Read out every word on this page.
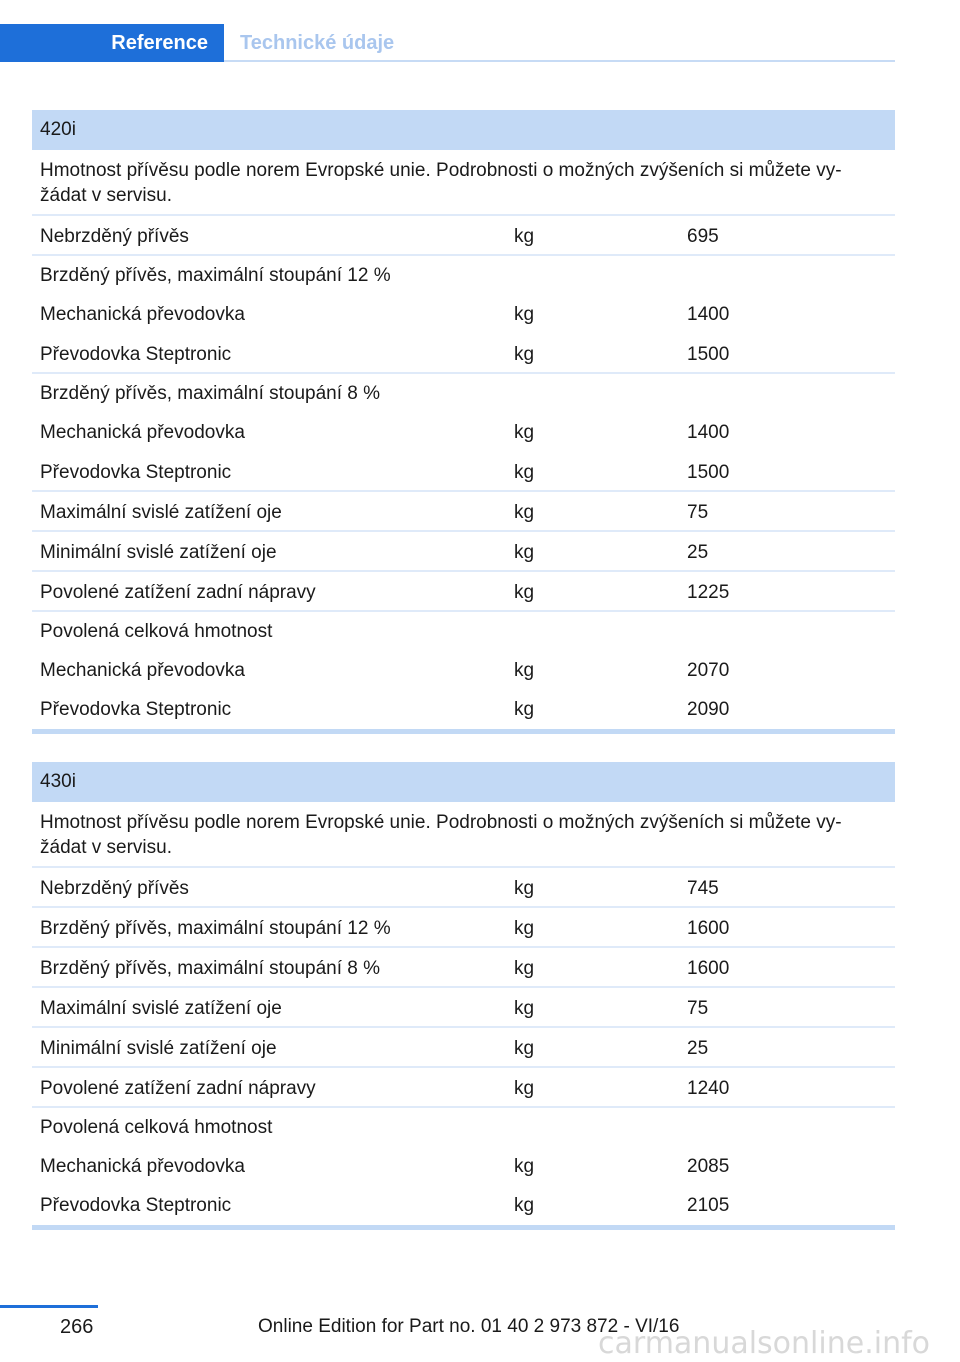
Reference	Technické údaje
420i
Hmotnost přívěsu podle norem Evropské unie. Podrobnosti o možných zvýšeních si můžete vy-žádat v servisu.
Nebrzděný přívěs	kg	695
Brzděný přívěs, maximální stoupání 12 %
Mechanická převodovka	kg	1400
Převodovka Steptronic	kg	1500
Brzděný přívěs, maximální stoupání 8 %
Mechanická převodovka	kg	1400
Převodovka Steptronic	kg	1500
Maximální svislé zatížení oje	kg	75
Minimální svislé zatížení oje	kg	25
Povolené zatížení zadní nápravy	kg	1225
Povolená celková hmotnost
Mechanická převodovka	kg	2070
Převodovka Steptronic	kg	2090
430i
Hmotnost přívěsu podle norem Evropské unie. Podrobnosti o možných zvýšeních si můžete vy-žádat v servisu.
Nebrzděný přívěs	kg	745
Brzděný přívěs, maximální stoupání 12 %	kg	1600
Brzděný přívěs, maximální stoupání 8 %	kg	1600
Maximální svislé zatížení oje	kg	75
Minimální svislé zatížení oje	kg	25
Povolené zatížení zadní nápravy	kg	1240
Povolená celková hmotnost
Mechanická převodovka	kg	2085
Převodovka Steptronic	kg	2105
266	Online Edition for Part no. 01 40 2 973 872 - VI/16
carmanualsonline.info
